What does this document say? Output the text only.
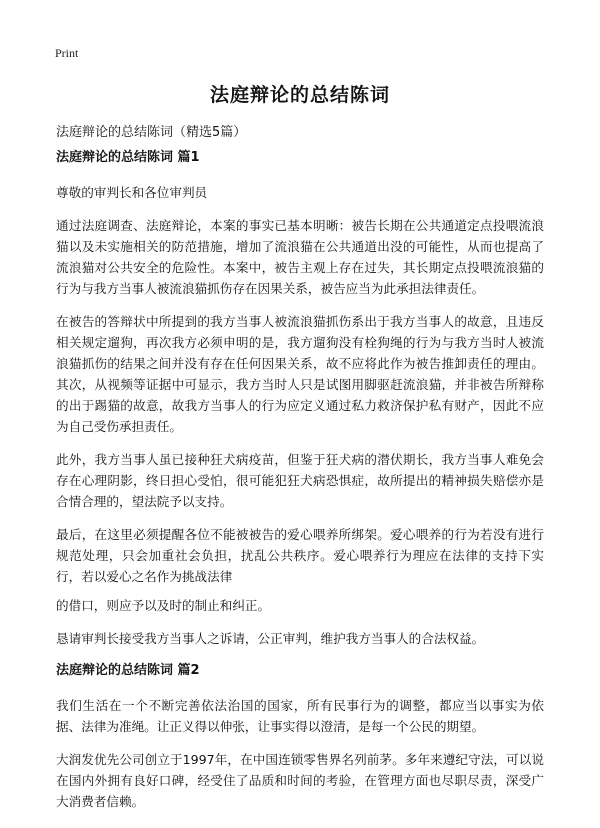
Print
法庭辩论的总结陈词

法庭辩论的总结陈词（精选5篇）

法庭辩论的总结陈词 篇1

尊敬的审判长和各位审判员

通过法庭调查、法庭辩论，本案的事实已基本明晰：被告长期在公共通道定点投喂流浪猫以及未实施相关的防范措施，增加了流浪猫在公共通道出没的可能性，从而也提高了流浪猫对公共安全的危险性。本案中，被告主观上存在过失，其长期定点投喂流浪猫的行为与我方当事人被流浪猫抓伤存在因果关系，被告应当为此承担法律责任。

在被告的答辩状中所提到的我方当事人被流浪猫抓伤系出于我方当事人的故意，且违反相关规定遛狗，再次我方必须申明的是，我方遛狗没有栓狗绳的行为与我方当时人被流浪猫抓伤的结果之间并没有存在任何因果关系，故不应将此作为被告推卸责任的理由。其次，从视频等证据中可显示，我方当时人只是试图用脚驱赶流浪猫，并非被告所辩称的出于踢猫的故意，故我方当事人的行为应定义通过私力救济保护私有财产，因此不应为自己受伤承担责任。

此外，我方当事人虽已接种狂犬病疫苗，但鉴于狂犬病的潜伏期长，我方当事人难免会存在心理阴影，终日担心受怕，很可能犯狂犬病恐惧症，故所提出的精神损失赔偿亦是合情合理的，望法院予以支持。

最后，在这里必须提醒各位不能被被告的爱心喂养所绑架。爱心喂养的行为若没有进行规范处理，只会加重社会负担，扰乱公共秩序。爱心喂养行为理应在法律的支持下实行，若以爱心之名作为挑战法律

的借口，则应予以及时的制止和纠正。

恳请审判长接受我方当事人之诉请，公正审判，维护我方当事人的合法权益。

法庭辩论的总结陈词 篇2

我们生活在一个不断完善依法治国的国家，所有民事行为的调整，都应当以事实为依据、法律为准绳。让正义得以伸张，让事实得以澄清，是每一个公民的期望。

大润发优先公司创立于1997年，在中国连锁零售界名列前茅。多年来遵纪守法，可以说在国内外拥有良好口碑，经受住了品质和时间的考验，在管理方面也尽职尽责，深受广大消费者信赖。
